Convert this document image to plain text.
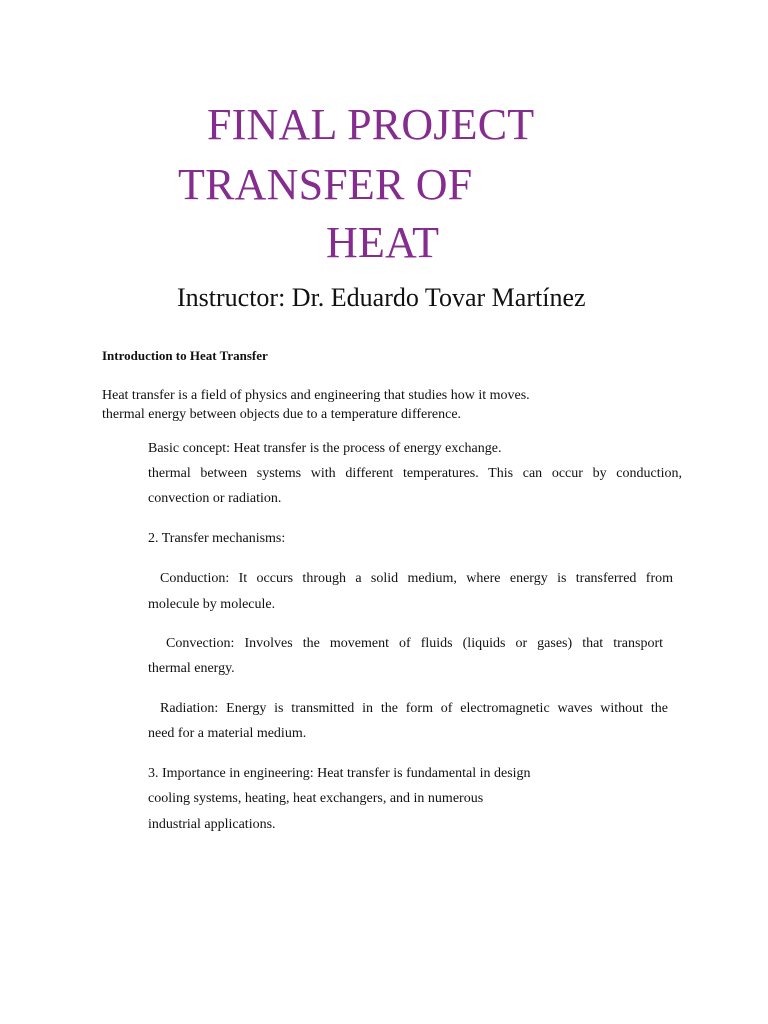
FINAL PROJECT
TRANSFER OF
HEAT
Instructor: Dr. Eduardo Tovar Martínez
Introduction to Heat Transfer
Heat transfer is a field of physics and engineering that studies how it moves.
thermal energy between objects due to a temperature difference.
Basic concept: Heat transfer is the process of energy exchange.
thermal between systems with different temperatures. This can occur by conduction,
convection or radiation.
2. Transfer mechanisms:
Conduction: It occurs through a solid medium, where energy is transferred from
molecule by molecule.
Convection: Involves the movement of fluids (liquids or gases) that transport
thermal energy.
Radiation: Energy is transmitted in the form of electromagnetic waves without the
need for a material medium.
3. Importance in engineering: Heat transfer is fundamental in design
cooling systems, heating, heat exchangers, and in numerous
industrial applications.
